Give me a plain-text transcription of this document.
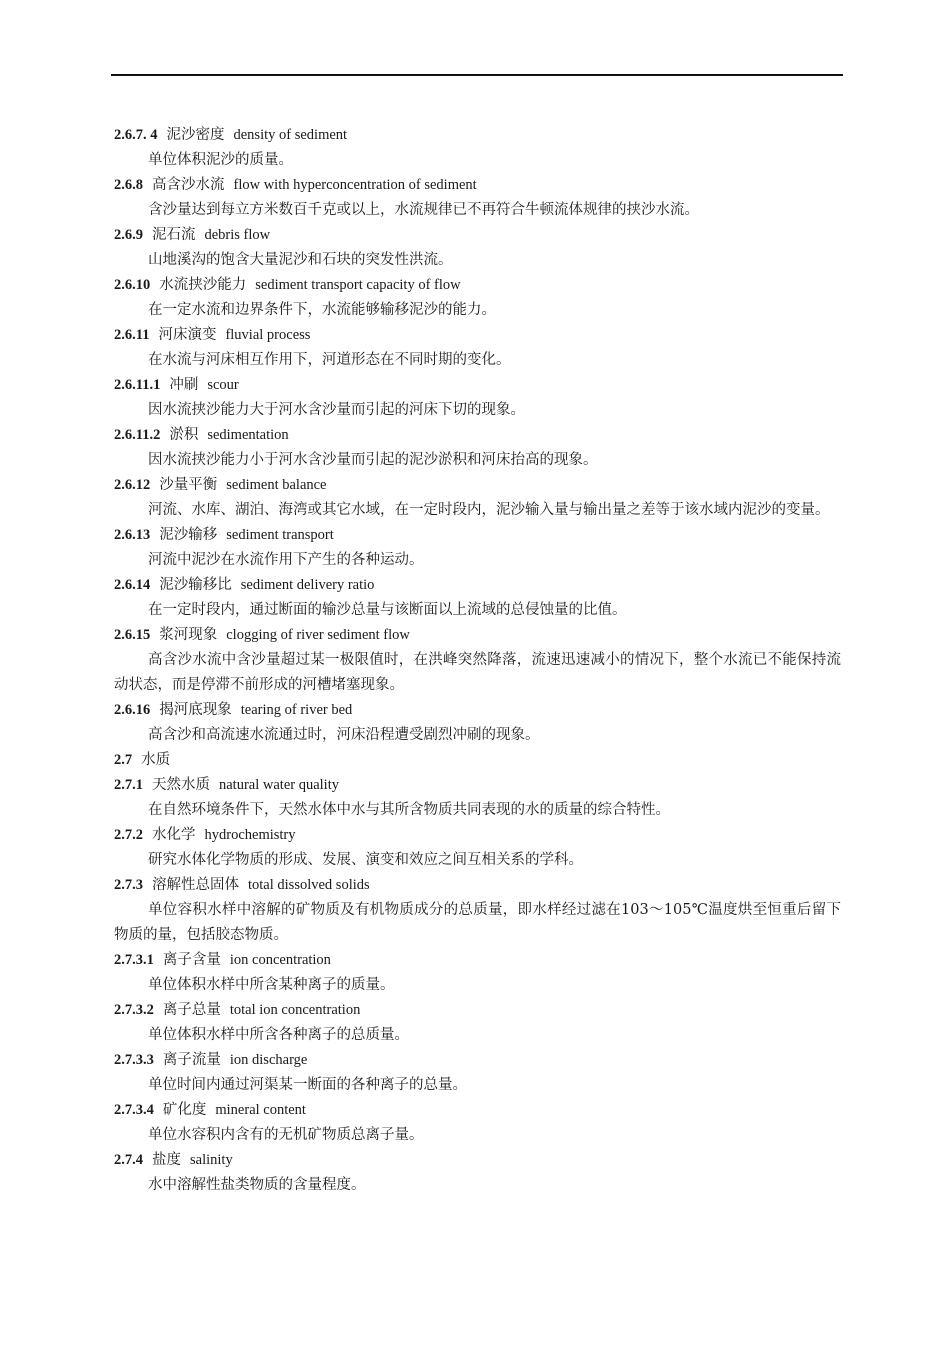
2.6.7. 4 泥沙密度 density of sediment
单位体积泥沙的质量。
2.6.8 高含沙水流 flow with hyperconcentration of sediment
含沙量达到每立方米数百千克或以上，水流规律已不再符合牛顿流体规律的挟沙水流。
2.6.9 泥石流 debris flow
山地溪沟的饱含大量泥沙和石块的突发性洪流。
2.6.10 水流挟沙能力 sediment transport capacity of flow
在一定水流和边界条件下，水流能够输移泥沙的能力。
2.6.11 河床演变 fluvial process
在水流与河床相互作用下，河道形态在不同时期的变化。
2.6.11.1 冲刷 scour
因水流挟沙能力大于河水含沙量而引起的河床下切的现象。
2.6.11.2 淤积 sedimentation
因水流挟沙能力小于河水含沙量而引起的泥沙淤积和河床抬高的现象。
2.6.12 沙量平衡 sediment balance
河流、水库、湖泊、海湾或其它水域，在一定时段内，泥沙输入量与输出量之差等于该水域内泥沙的变量。
2.6.13 泥沙输移 sediment transport
河流中泥沙在水流作用下产生的各种运动。
2.6.14 泥沙输移比 sediment delivery ratio
在一定时段内，通过断面的输沙总量与该断面以上流域的总侵蚀量的比值。
2.6.15 浆河现象 clogging of river sediment flow
高含沙水流中含沙量超过某一极限值时，在洪峰突然降落，流速迅速减小的情况下，整个水流已不能保持流动状态，而是停滞不前形成的河槽堵塞现象。
2.6.16 揭河底现象 tearing of river bed
高含沙和高流速水流通过时，河床沿程遭受剧烈冲刷的现象。
2.7 水质
2.7.1 天然水质 natural water quality
在自然环境条件下，天然水体中水与其所含物质共同表现的水的质量的综合特性。
2.7.2 水化学 hydrochemistry
研究水体化学物质的形成、发展、演变和效应之间互相关系的学科。
2.7.3 溶解性总固体 total dissolved solids
单位容积水样中溶解的矿物质及有机物质成分的总质量，即水样经过滤在103～105℃温度烘至恒重后留下物质的量，包括胶态物质。
2.7.3.1 离子含量 ion concentration
单位体积水样中所含某种离子的质量。
2.7.3.2 离子总量 total ion concentration
单位体积水样中所含各种离子的总质量。
2.7.3.3 离子流量 ion discharge
单位时间内通过河渠某一断面的各种离子的总量。
2.7.3.4 矿化度 mineral content
单位水容积内含有的无机矿物质总离子量。
2.7.4 盐度 salinity
水中溶解性盐类物质的含量程度。
